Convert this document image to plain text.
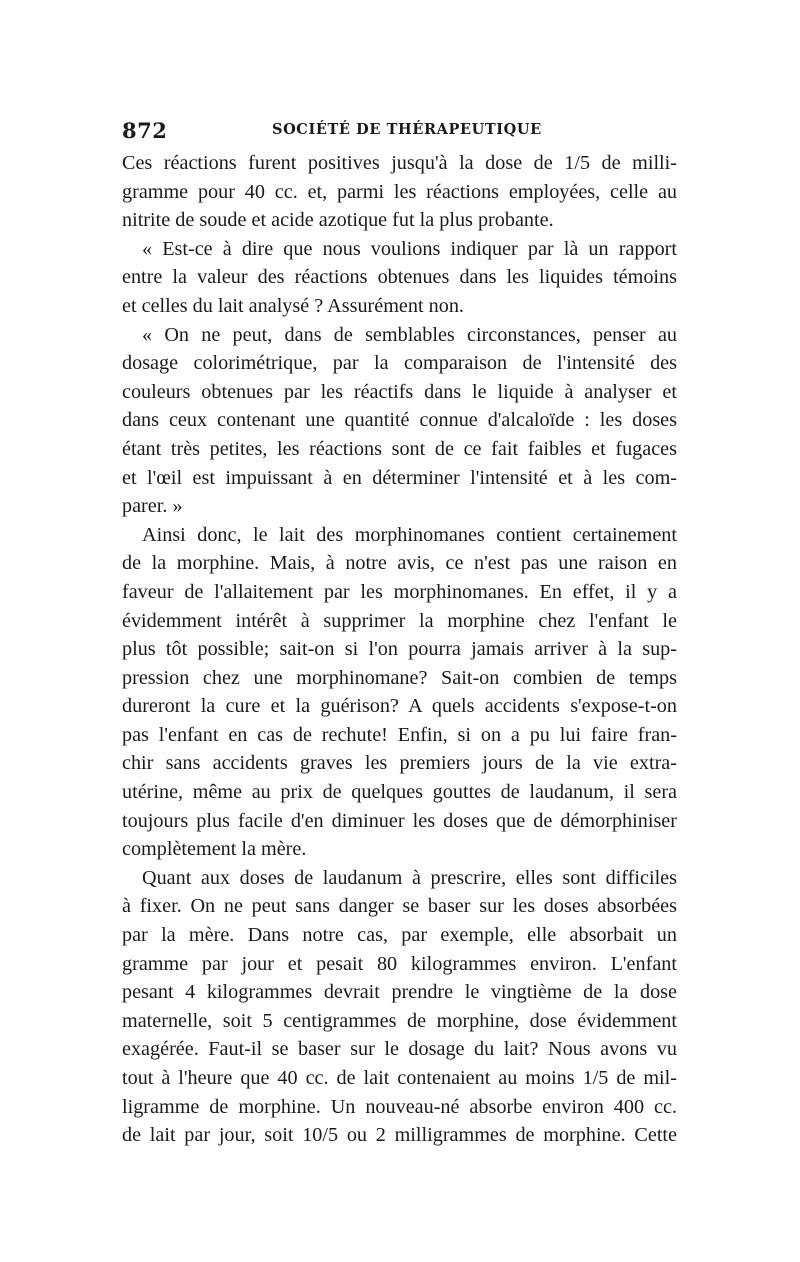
872	SOCIÉTÉ DE THÉRAPEUTIQUE
Ces réactions furent positives jusqu'à la dose de 1/5 de milli-
gramme pour 40 cc. et, parmi les réactions employées, celle au
nitrite de soude et acide azotique fut la plus probante.
« Est-ce à dire que nous voulions indiquer par là un rapport
entre la valeur des réactions obtenues dans les liquides témoins
et celles du lait analysé ? Assurément non.
« On ne peut, dans de semblables circonstances, penser au
dosage colorimétrique, par la comparaison de l'intensité des
couleurs obtenues par les réactifs dans le liquide à analyser et
dans ceux contenant une quantité connue d'alcaloïde : les doses
étant très petites, les réactions sont de ce fait faibles et fugaces
et l'œil est impuissant à en déterminer l'intensité et à les com-
parer. »
Ainsi donc, le lait des morphinomanes contient certainement
de la morphine. Mais, à notre avis, ce n'est pas une raison en
faveur de l'allaitement par les morphinomanes. En effet, il y a
évidemment intérêt à supprimer la morphine chez l'enfant le
plus tôt possible; sait-on si l'on pourra jamais arriver à la sup-
pression chez une morphinomane? Sait-on combien de temps
dureront la cure et la guérison? A quels accidents s'expose-t-on
pas l'enfant en cas de rechute! Enfin, si on a pu lui faire fran-
chir sans accidents graves les premiers jours de la vie extra-
utérine, même au prix de quelques gouttes de laudanum, il sera
toujours plus facile d'en diminuer les doses que de démorphiniser
complètement la mère.
Quant aux doses de laudanum à prescrire, elles sont difficiles
à fixer. On ne peut sans danger se baser sur les doses absorbées
par la mère. Dans notre cas, par exemple, elle absorbait un
gramme par jour et pesait 80 kilogrammes environ. L'enfant
pesant 4 kilogrammes devrait prendre le vingtième de la dose
maternelle, soit 5 centigrammes de morphine, dose évidemment
exagérée. Faut-il se baser sur le dosage du lait? Nous avons vu
tout à l'heure que 40 cc. de lait contenaient au moins 1/5 de mil-
ligramme de morphine. Un nouveau-né absorbe environ 400 cc.
de lait par jour, soit 10/5 ou 2 milligrammes de morphine. Cette
